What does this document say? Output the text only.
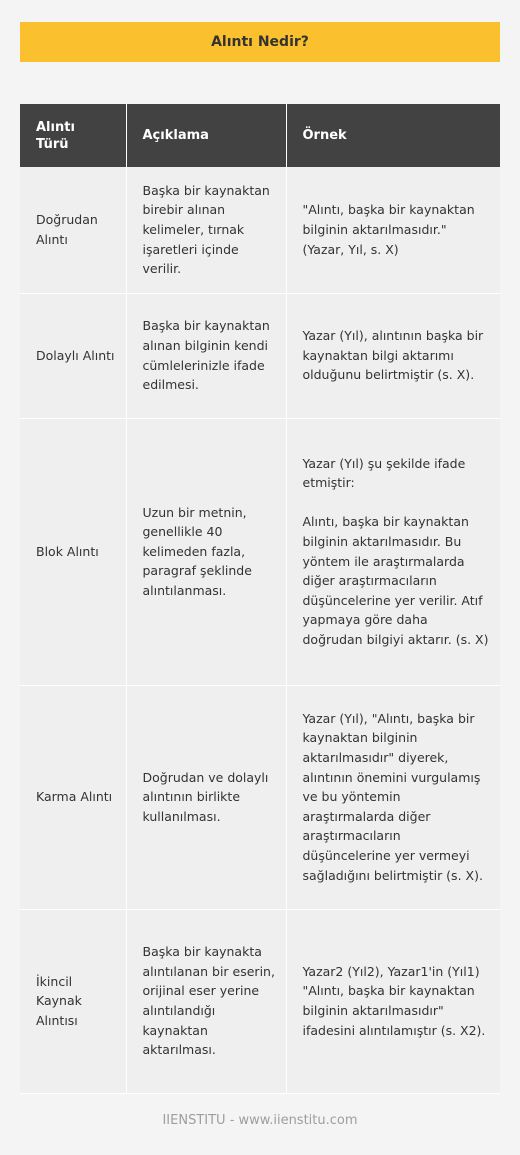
Alıntı Nedir?
Alıntı Türü	Açıklama	Örnek
Doğrudan Alıntı	Başka bir kaynaktan birebir alınan kelimeler, tırnak işaretleri içinde verilir.	"Alıntı, başka bir kaynaktan bilginin aktarılmasıdır." (Yazar, Yıl, s. X)
Dolaylı Alıntı	Başka bir kaynaktan alınan bilginin kendi cümlelerinizle ifade edilmesi.	Yazar (Yıl), alıntının başka bir kaynaktan bilgi aktarımı olduğunu belirtmiştir (s. X).
Blok Alıntı	Uzun bir metnin, genellikle 40 kelimeden fazla, paragraf şeklinde alıntılanması.	Yazar (Yıl) şu şekilde ifade etmiştir:

Alıntı, başka bir kaynaktan bilginin aktarılmasıdır. Bu yöntem ile araştırmalarda diğer araştırmacıların düşüncelerine yer verilir. Atıf yapmaya göre daha doğrudan bilgiyi aktarır. (s. X)
Karma Alıntı	Doğrudan ve dolaylı alıntının birlikte kullanılması.	Yazar (Yıl), "Alıntı, başka bir kaynaktan bilginin aktarılmasıdır" diyerek, alıntının önemini vurgulamış ve bu yöntemin araştırmalarda diğer araştırmacıların düşüncelerine yer vermeyi sağladığını belirtmiştir (s. X).
İkincil Kaynak Alıntısı	Başka bir kaynakta alıntılanan bir eserin, orijinal eser yerine alıntılandığı kaynaktan aktarılması.	Yazar2 (Yıl2), Yazar1'in (Yıl1) "Alıntı, başka bir kaynaktan bilginin aktarılmasıdır" ifadesini alıntılamıştır (s. X2).
IIENSTITU - www.iienstitu.com
